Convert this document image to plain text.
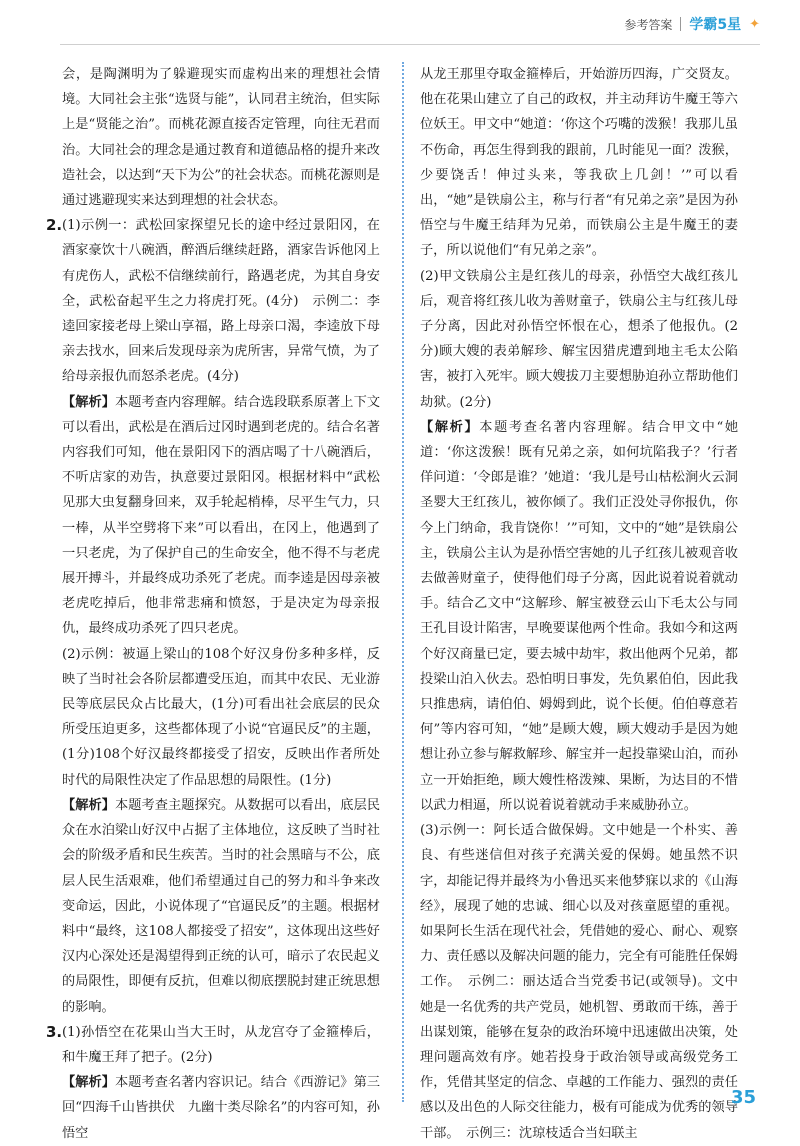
参考答案 学霸5星 ✦

会，是陶渊明为了躲避现实而虚构出来的理想社会情境。大同社会主张“选贤与能”，认同君主统治，但实际上是“贤能之治”。而桃花源直接否定管理，向往无君而治。大同社会的理念是通过教育和道德品格的提升来改造社会，以达到“天下为公”的社会状态。而桃花源则是通过逃避现实来达到理想的社会状态。

2. (1)示例一：武松回家探望兄长的途中经过景阳冈，在酒家豪饮十八碗酒，醉酒后继续赶路，酒家告诉他冈上有虎伤人，武松不信继续前行，路遇老虎，为其自身安全，武松奋起平生之力将虎打死。(4分)　示例二：李逵回家接老母上梁山享福，路上母亲口渴，李逵放下母亲去找水，回来后发现母亲为虎所害，异常气愤，为了给母亲报仇而怒杀老虎。(4分)

【解析】本题考查内容理解。结合选段联系原著上下文可以看出，武松是在酒后过冈时遇到老虎的。结合名著内容我们可知，他在景阳冈下的酒店喝了十八碗酒后，不听店家的劝告，执意要过景阳冈。根据材料中“武松见那大虫复翻身回来，双手轮起梢棒，尽平生气力，只一棒，从半空劈将下来”可以看出，在冈上，他遇到了一只老虎，为了保护自己的生命安全，他不得不与老虎展开搏斗，并最终成功杀死了老虎。而李逵是因母亲被老虎吃掉后，他非常悲痛和愤怒，于是决定为母亲报仇，最终成功杀死了四只老虎。

(2)示例：被逼上梁山的108个好汉身份多种多样，反映了当时社会各阶层都遭受压迫，而其中农民、无业游民等底层民众占比最大，(1分)可看出社会底层的民众所受压迫更多，这些都体现了小说“官逼民反”的主题，(1分)108个好汉最终都接受了招安，反映出作者所处时代的局限性决定了作品思想的局限性。(1分)

【解析】本题考查主题探究。从数据可以看出，底层民众在水泊梁山好汉中占据了主体地位，这反映了当时社会的阶级矛盾和民生疾苦。当时的社会黑暗与不公，底层人民生活艰难，他们希望通过自己的努力和斗争来改变命运，因此，小说体现了“官逼民反”的主题。根据材料中“最终，这108人都接受了招安”，这体现出这些好汉内心深处还是渴望得到正统的认可，暗示了农民起义的局限性，即便有反抗，但难以彻底摆脱封建正统思想的影响。

3. (1)孙悟空在花果山当大王时，从龙宫夺了金箍棒后，和牛魔王拜了把子。(2分)

【解析】本题考查名著内容识记。结合《西游记》第三回“四海千山皆拱伏　九幽十类尽除名”的内容可知，孙悟空

从龙王那里夺取金箍棒后，开始游历四海，广交贤友。他在花果山建立了自己的政权，并主动拜访牛魔王等六位妖王。甲文中“她道：‘你这个巧嘴的泼猴！我那儿虽不伤命，再怎生得到我的跟前，几时能见一面？泼猴，少要饶舌！伸过头来，等我砍上几剑！’”可以看出，“她”是铁扇公主，称与行者“有兄弟之亲”是因为孙悟空与牛魔王结拜为兄弟，而铁扇公主是牛魔王的妻子，所以说他们“有兄弟之亲”。

(2)甲文铁扇公主是红孩儿的母亲，孙悟空大战红孩儿后，观音将红孩儿收为善财童子，铁扇公主与红孩儿母子分离，因此对孙悟空怀恨在心，想杀了他报仇。(2分)顾大嫂的表弟解珍、解宝因猎虎遭到地主毛太公陷害，被打入死牢。顾大嫂拔刀主要想胁迫孙立帮助他们劫狱。(2分)

【解析】本题考查名著内容理解。结合甲文中“她道：‘你这泼猴！既有兄弟之亲，如何坑陷我子？’行者佯问道：‘令郎是谁？’她道：‘我儿是号山枯松涧火云洞圣婴大王红孩儿，被你倾了。我们正没处寻你报仇，你今上门纳命，我肯饶你！’”可知，文中的“她”是铁扇公主，铁扇公主认为是孙悟空害她的儿子红孩儿被观音收去做善财童子，使得他们母子分离，因此说着说着就动手。结合乙文中“这解珍、解宝被登云山下毛太公与同王孔目设计陷害，早晚要谋他两个性命。我如今和这两个好汉商量已定，要去城中劫牢，救出他两个兄弟，都投梁山泊入伙去。恐怕明日事发，先负累伯伯，因此我只推患病，请伯伯、姆姆到此，说个长便。伯伯尊意若何”等内容可知，“她”是顾大嫂，顾大嫂动手是因为她想让孙立参与解救解珍、解宝并一起投靠梁山泊，而孙立一开始拒绝，顾大嫂性格泼辣、果断，为达目的不惜以武力相逼，所以说着说着就动手来威胁孙立。

(3)示例一：阿长适合做保姆。文中她是一个朴实、善良、有些迷信但对孩子充满关爱的保姆。她虽然不识字，却能记得并最终为小鲁迅买来他梦寐以求的《山海经》，展现了她的忠诚、细心以及对孩童愿望的重视。如果阿长生活在现代社会，凭借她的爱心、耐心、观察力、责任感以及解决问题的能力，完全有可能胜任保姆工作。　示例二：丽达适合当党委书记(或领导)。文中她是一名优秀的共产党员，她机智、勇敢而干练，善于出谋划策，能够在复杂的政治环境中迅速做出决策，处理问题高效有序。她若投身于政治领导或高级党务工作，凭借其坚定的信念、卓越的工作能力、强烈的责任感以及出色的人际交往能力，极有可能成为优秀的领导干部。　示例三：沈琼枝适合当妇联主

35
